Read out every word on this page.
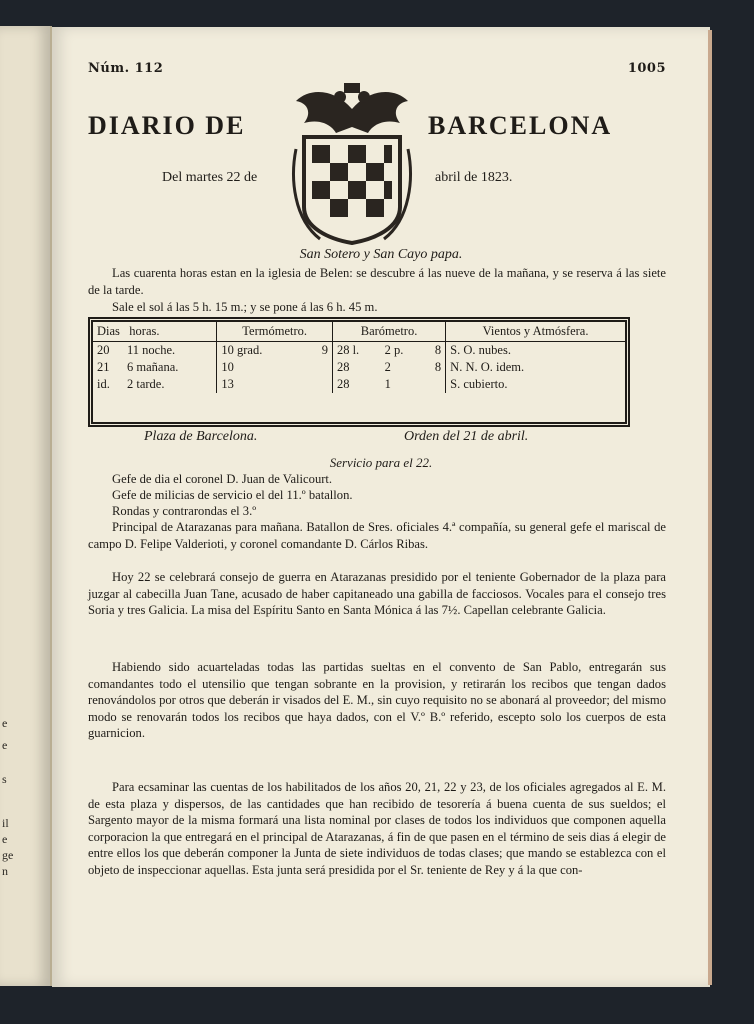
e
e
s
il
e
ge
n
Núm. 112	1005
DIARIO DE	BARCELONA
Del martes 22 de	abril de 1823.
San Sotero y San Cayo papa.
Las cuarenta horas estan en la iglesia de Belen: se descubre á las nueve de la mañana, y se reserva á las siete de la tarde.
Sale el sol á las 5 h. 15 m.; y se pone á las 6 h. 45 m.
Dias horas.		Termómetro.		Barómetro.			Vientos y Atmósfera.
20	11 noche.	10 grad.	9	28 l.	2 p.	8	S. O. nubes.
21	6 mañana.	10		28	2	8	N. N. O. idem.
id.	2 tarde.	13		28	1		S. cubierto.
Plaza de Barcelona.	Orden del 21 de abril.
Servicio para el 22.
Gefe de dia el coronel D. Juan de Valicourt.
Gefe de milicias de servicio el del 11.º batallon.
Rondas y contrarondas el 3.º
Principal de Atarazanas para mañana. Batallon de Sres. oficiales 4.ª compañía, su general gefe el mariscal de campo D. Felipe Valderioti, y coronel comandante D. Cárlos Ribas.
Hoy 22 se celebrará consejo de guerra en Atarazanas presidido por el teniente Gobernador de la plaza para juzgar al cabecilla Juan Tane, acusado de haber capitaneado una gabilla de facciosos. Vocales para el consejo tres Soria y tres Galicia. La misa del Espíritu Santo en Santa Mónica á las 7½. Capellan celebrante Galicia.
Habiendo sido acuarteladas todas las partidas sueltas en el convento de San Pablo, entregarán sus comandantes todo el utensilio que tengan sobrante en la provision, y retirarán los recibos que tengan dados renovándolos por otros que deberán ir visados del E. M., sin cuyo requisito no se abonará al proveedor; del mismo modo se renovarán todos los recibos que haya dados, con el V.º B.º referido, escepto solo los cuerpos de esta guarnicion.
Para ecsaminar las cuentas de los habilitados de los años 20, 21, 22 y 23, de los oficiales agregados al E. M. de esta plaza y dispersos, de las cantidades que han recibido de tesorería á buena cuenta de sus sueldos; el Sargento mayor de la misma formará una lista nominal por clases de todos los individuos que componen aquella corporacion la que entregará en el principal de Atarazanas, á fin de que pasen en el término de seis dias á elegir de entre ellos los que deberán componer la Junta de siete individuos de todas clases; que mando se establezca con el objeto de inspeccionar aquellas. Esta junta será presidida por el Sr. teniente de Rey y á la que con-
